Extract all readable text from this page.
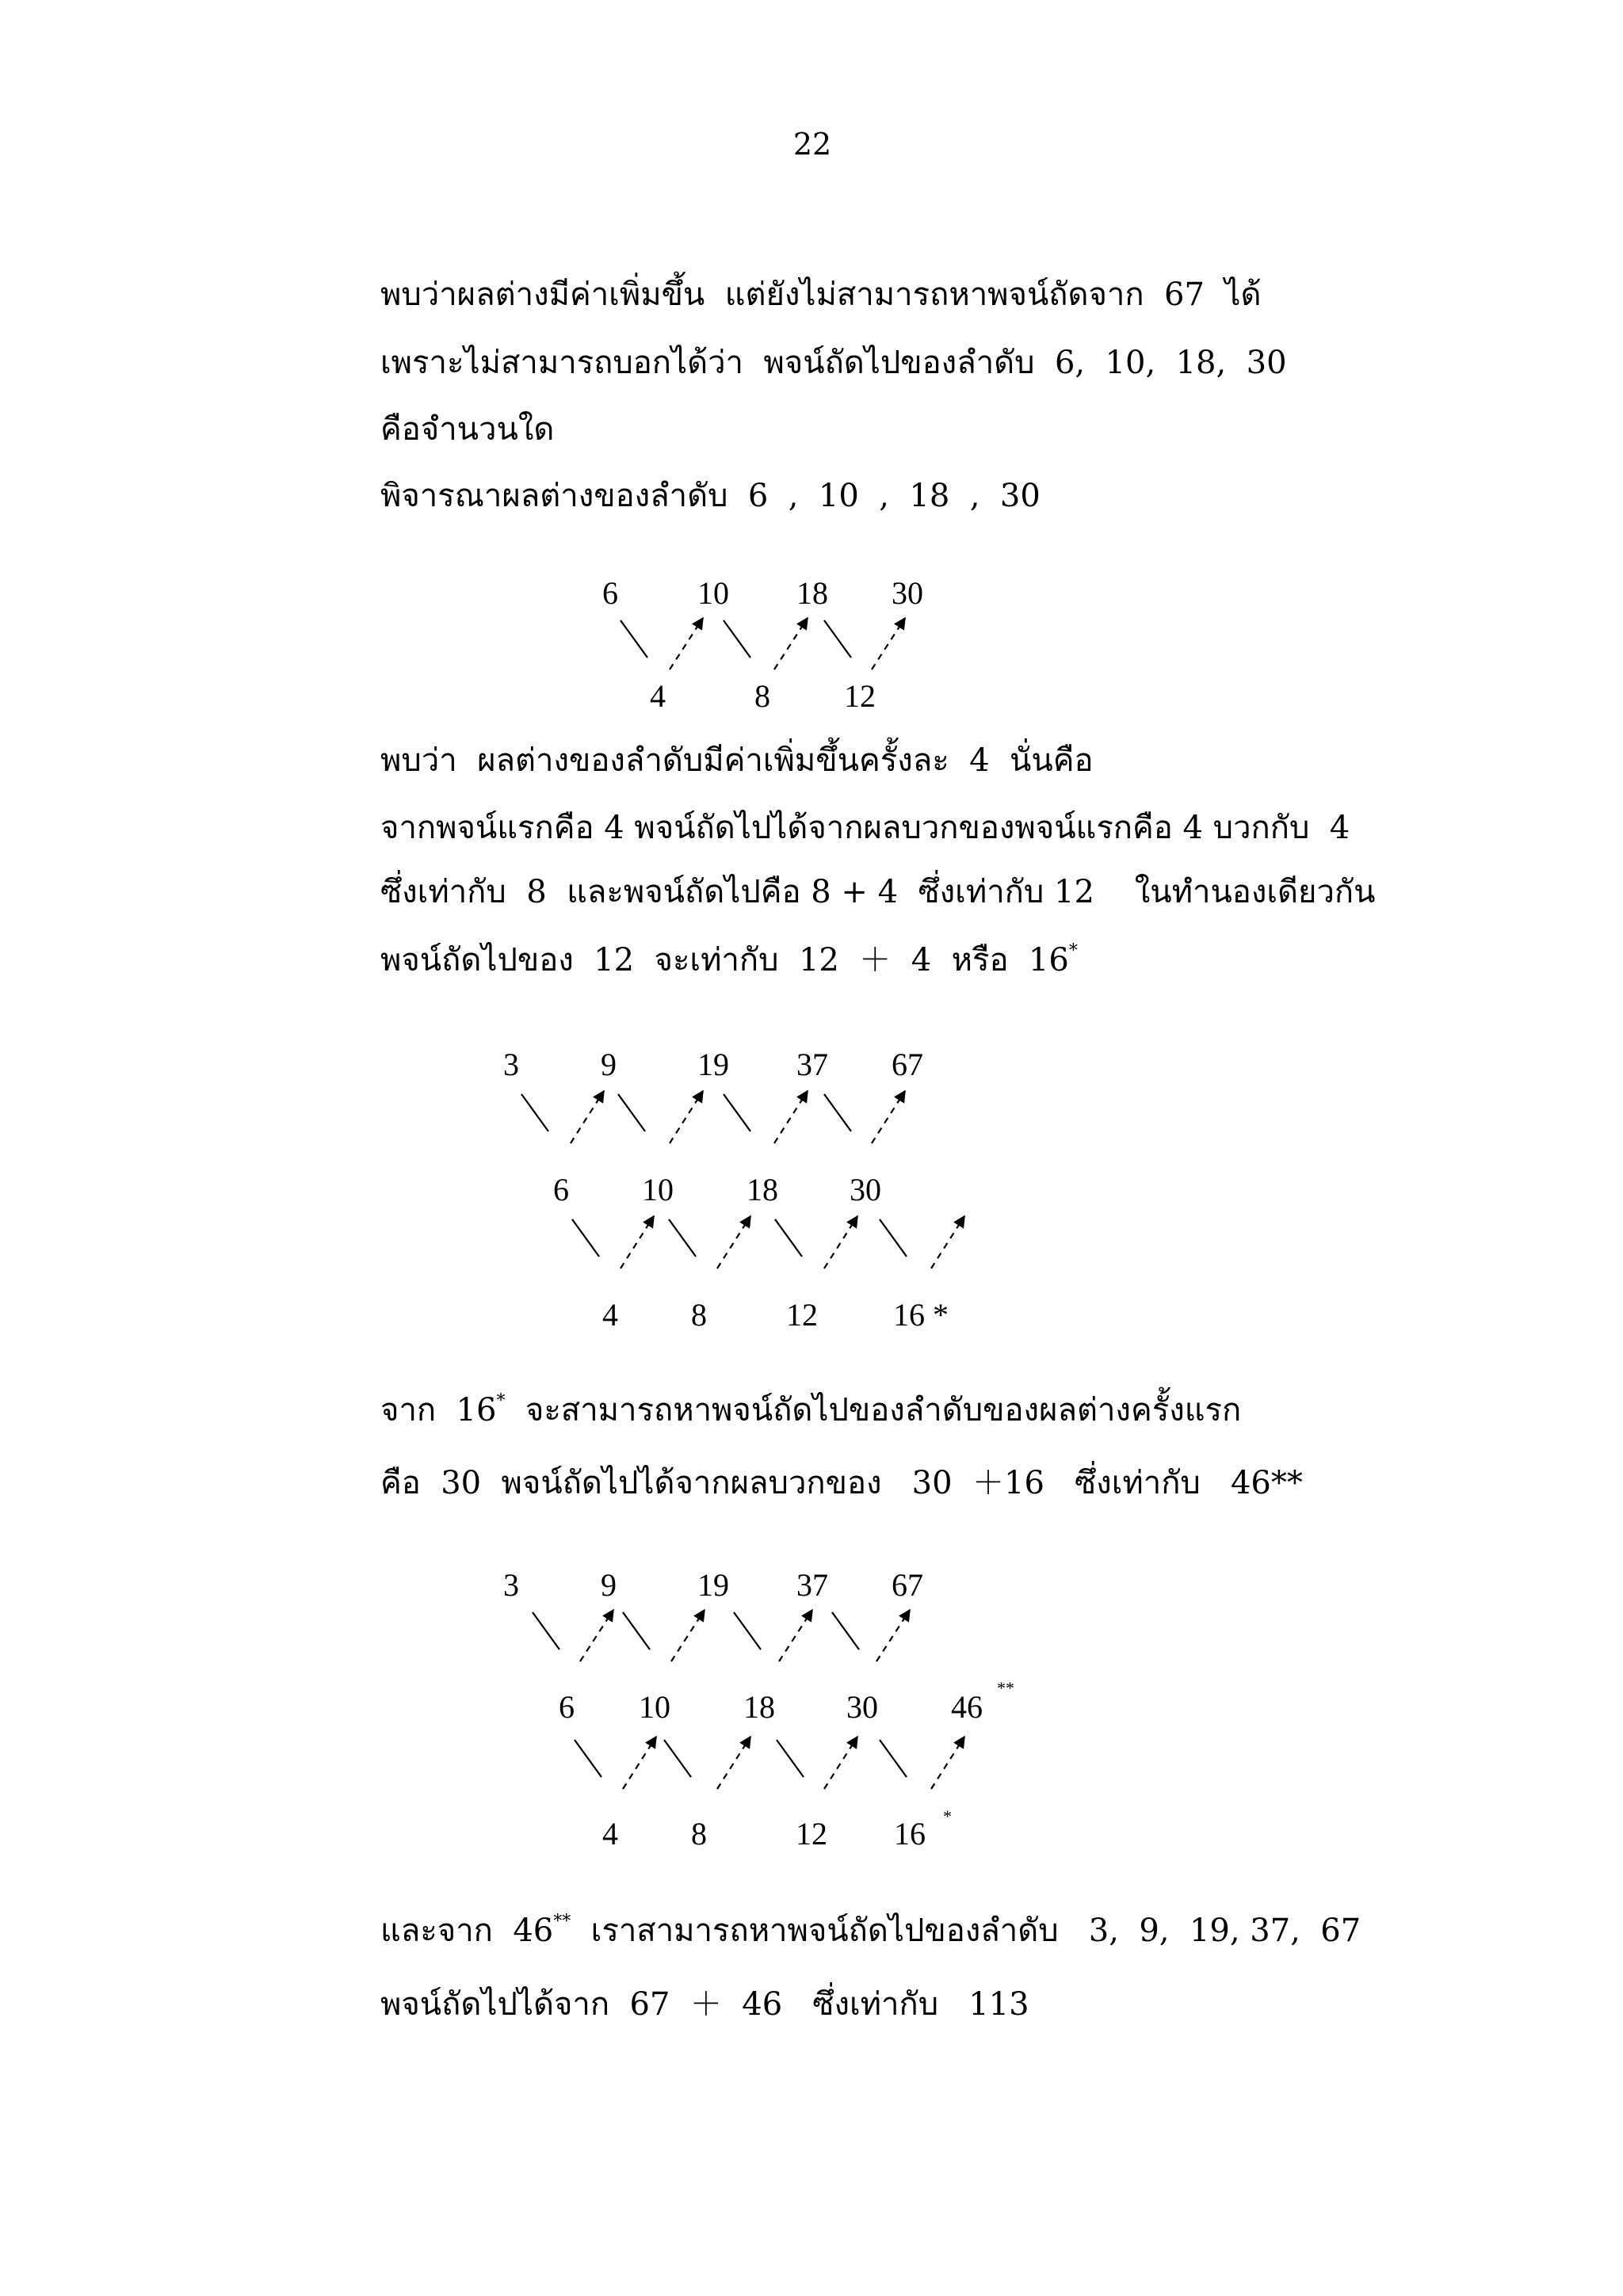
22
พบว่าผลต่างมีค่าเพิ่มขึ้น  แต่ยังไม่สามารถหาพจน์ถัดจาก  67  ได้
เพราะไม่สามารถบอกได้ว่า  พจน์ถัดไปของลำดับ  6,  10,  18,  30
คือจำนวนใด
พิจารณาผลต่างของลำดับ  6  ,  10  ,  18  ,  30
6	10 18 30
4	8 12
พบว่า  ผลต่างของลำดับมีค่าเพิ่มขึ้นครั้งละ  4  นั่นคือ
จากพจน์แรกคือ 4 พจน์ถัดไปได้จากผลบวกของพจน์แรกคือ 4 บวกกับ  4
ซึ่งเท่ากับ  8  และพจน์ถัดไปคือ 8 + 4  ซึ่งเท่ากับ 12    ในทำนองเดียวกัน
พจน์ถัดไปของ  12  จะเท่ากับ  12  ＋  4  หรือ  16*
3	9	19 37 67
6 10 18 30
4 8	12 16 *
จาก  16*  จะสามารถหาพจน์ถัดไปของลำดับของผลต่างครั้งแรก
คือ  30  พจน์ถัดไปได้จากผลบวกของ   30  ＋16   ซึ่งเท่ากับ   46**
3	9	19 37 67
6 10 18 30 46
**
4 8	12 16 *
และจาก  46**  เราสามารถหาพจน์ถัดไปของลำดับ   3,  9,  19, 37,  67
พจน์ถัดไปได้จาก  67  ＋  46   ซึ่งเท่ากับ   113
